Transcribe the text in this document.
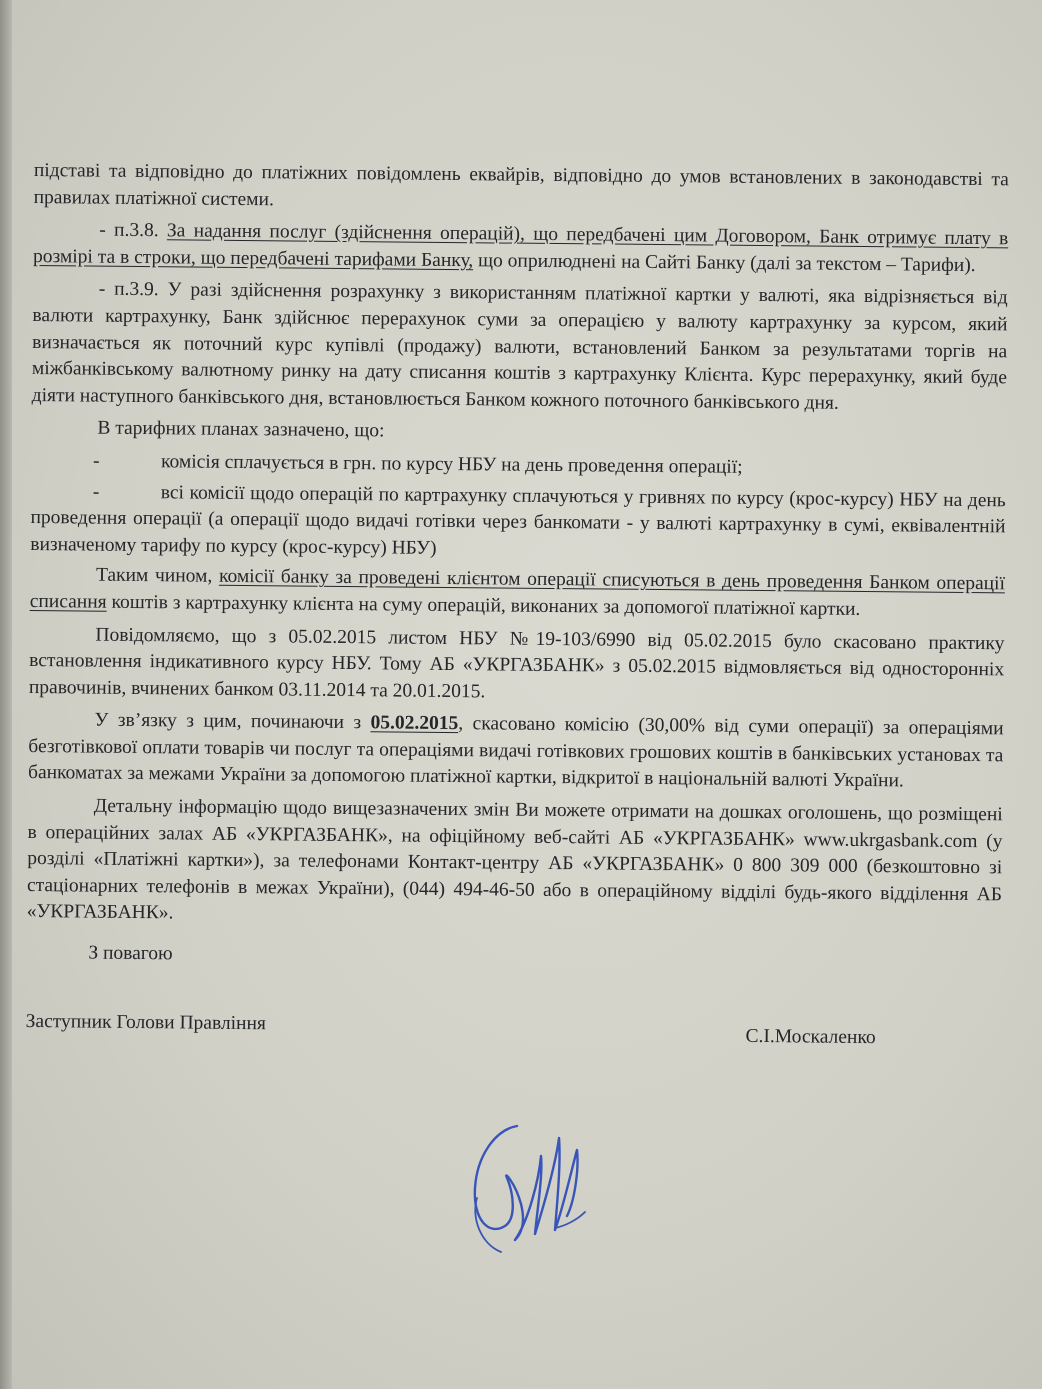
підставі та відповідно до платіжних повідомлень еквайрів, відповідно до умов встановлених в законодавстві та правилах платіжної системи.

- п.3.8. За надання послуг (здійснення операцій), що передбачені цим Договором, Банк отримує плату в розмірі та в строки, що передбачені тарифами Банку, що оприлюднені на Сайті Банку (далі за текстом – Тарифи).

- п.3.9. У разі здійснення розрахунку з використанням платіжної картки у валюті, яка відрізняється від валюти картрахунку, Банк здійснює перерахунок суми за операцією у валюту картрахунку за курсом, який визначається як поточний курс купівлі (продажу) валюти, встановлений Банком за результатами торгів на міжбанківському валютному ринку на дату списання коштів з картрахунку Клієнта. Курс перерахунку, який буде діяти наступного банківського дня, встановлюється Банком кожного поточного банківського дня.

В тарифних планах зазначено, що:

-	комісія сплачується в грн. по курсу НБУ на день проведення операції;
-	всі комісії щодо операцій по картрахунку сплачуються у гривнях по курсу (крос-курсу) НБУ на день проведення операції (а операції щодо видачі готівки через банкомати - у валюті картрахунку в сумі, еквівалентній визначеному тарифу по курсу (крос-курсу) НБУ)

Таким чином, комісії банку за проведені клієнтом операції списуються в день проведення Банком операції списання коштів з картрахунку клієнта на суму операцій, виконаних за допомогої платіжної картки.

Повідомляємо, що з 05.02.2015 листом НБУ №19-103/6990 від 05.02.2015 було скасовано практику встановлення індикативного курсу НБУ. Тому АБ «УКРГАЗБАНК» з 05.02.2015 відмовляється від односторонніх правочинів, вчинених банком 03.11.2014 та 20.01.2015.

У зв’язку з цим, починаючи з 05.02.2015, скасовано комісію (30,00% від суми операції) за операціями безготівкової оплати товарів чи послуг та операціями видачі готівкових грошових коштів в банківських установах та банкоматах за межами України за допомогою платіжної картки, відкритої в національній валюті України.

Детальну інформацію щодо вищезазначених змін Ви можете отримати на дошках оголошень, що розміщені в операційних залах АБ «УКРГАЗБАНК», на офіційному веб-сайті АБ «УКРГАЗБАНК» www.ukrgasbank.com (у розділі «Платіжні картки»), за телефонами Контакт-центру АБ «УКРГАЗБАНК» 0 800 309 000 (безкоштовно зі стаціонарних телефонів в межах України), (044) 494-46-50 або в операційному відділі будь-якого відділення АБ «УКРГАЗБАНК».

З повагою

Заступник Голови Правління
С.І.Москаленко
